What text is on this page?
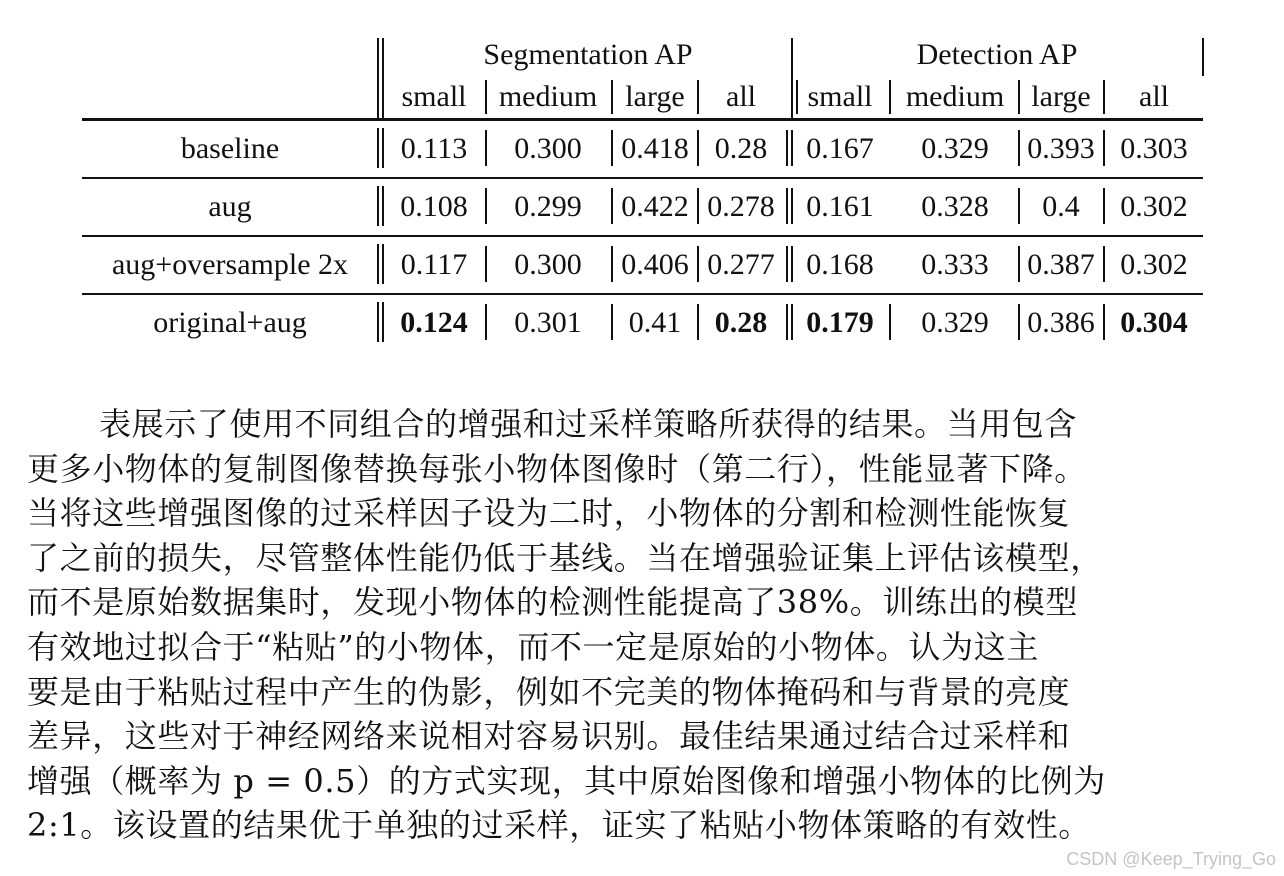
Segmentation AP	Detection AP
small medium large all small medium large all
baseline
aug
aug+oversample 2x
original+aug
0.113 0.300 0.418 0.28 0.167 0.329 0.393 0.303
0.108 0.299 0.422 0.278 0.161 0.328 0.4 0.302
0.117 0.300 0.406 0.277 0.168 0.333 0.387 0.302
0.124 0.301 0.41 0.28 0.179 0.329 0.386 0.304
表展示了使用不同组合的增强和过采样策略所获得的结果。当用包含
更多小物体的复制图像替换每张小物体图像时（第二行），性能显著下降。
当将这些增强图像的过采样因子设为二时，小物体的分割和检测性能恢复
了之前的损失，尽管整体性能仍低于基线。当在增强验证集上评估该模型，
而不是原始数据集时，发现小物体的检测性能提高了38%。训练出的模型
有效地过拟合于“粘贴”的小物体，而不一定是原始的小物体。认为这主
要是由于粘贴过程中产生的伪影，例如不完美的物体掩码和与背景的亮度
差异，这些对于神经网络来说相对容易识别。最佳结果通过结合过采样和
增强（概率为 p = 0.5）的方式实现，其中原始图像和增强小物体的比例为
2:1。该设置的结果优于单独的过采样，证实了粘贴小物体策略的有效性。
CSDN @Keep_Trying_Go
